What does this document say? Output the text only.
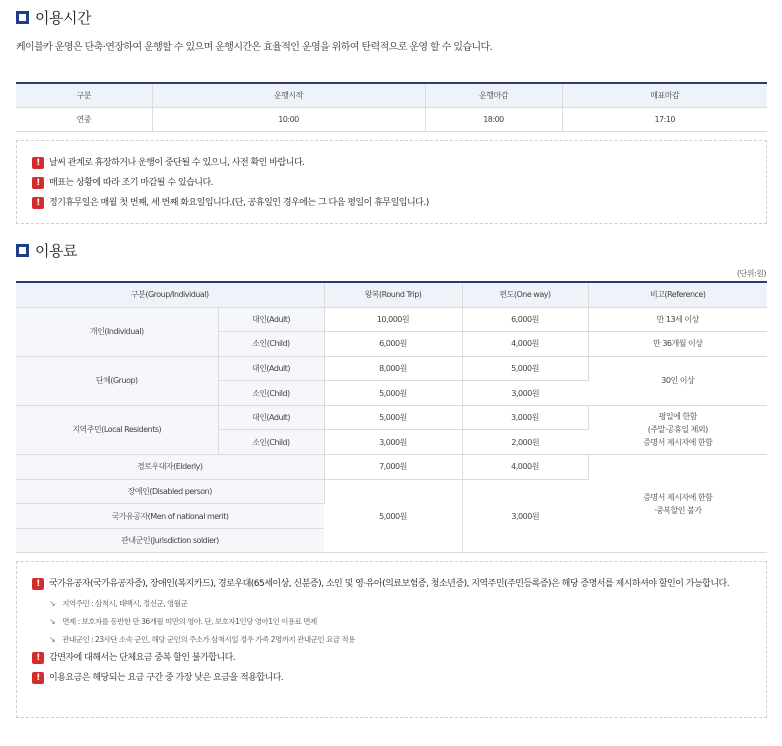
이용시간
케이블카 운영은 단축·연장하여 운행할 수 있으며 운행시간은 효율적인 운영을 위하여 탄력적으로 운영 할 수 있습니다.
구분	운행시작	운행마감	매표마감
연중	10:00	18:00	17:10
!	날씨 관계로 휴장하거나 운행이 중단될 수 있으니, 사전 확인 바랍니다.
!	매표는 상황에 따라 조기 마감될 수 있습니다.
!	정기휴무일은 매월 첫 번째, 세 번째 화요일입니다.(단, 공휴일인 경우에는 그 다음 평일이 휴무일입니다.)
이용료
(단위:원)
구분(Group/Individual)		왕복(Round Trip)	편도(One way)	비고(Reference)
개인(Individual)	대인(Adult)	10,000원	6,000원	만 13세 이상
	소인(Child)	6,000원	4,000원	만 36개월 이상
단체(Gruop)	대인(Adult)	8,000원	5,000원	30인 이상
	소인(Child)	5,000원	3,000원	
지역주민(Local Residents)	대인(Adult)	5,000원	3,000원	평일에 한함
(주말·공휴일 제외)
증명서 제시자에 한함

	소인(Child)	3,000원	2,000원	
경로우대자(Elderly)		7,000원	4,000원	증명서 제시자에 한함
·중복할인 불가

장애인(Disabled person)		5,000원	3,000원	
국가유공자(Men of national merit)				
관내군인(Jurisdiction soldier)				
!	국가유공자(국가유공자증), 장애인(복지카드), 경로우대(65세이상, 신분증), 소인 및 영·유아(의료보험증, 청소년증), 지역주민(주민등록증)은 해당 증명서를 제시하셔야 할인이 가능합니다.
↘ 지역주민 : 삼척시, 태백시, 정선군, 영월군
↘ 면제 : 보호자를 동반한 만 36개월 미만의 영아. 단, 보호자1인당 영아1인 이용료 면제
↘ 관내군인 : 23사단 소속 군인, 해당 군인의 주소가 삼척시일 경우 가족 2명까지 관내군인 요금 적용
!	감면자에 대해서는 단체요금 중복 할인 불가합니다.
!	이용요금은 해당되는 요금 구간 중 가장 낮은 요금을 적용합니다.
